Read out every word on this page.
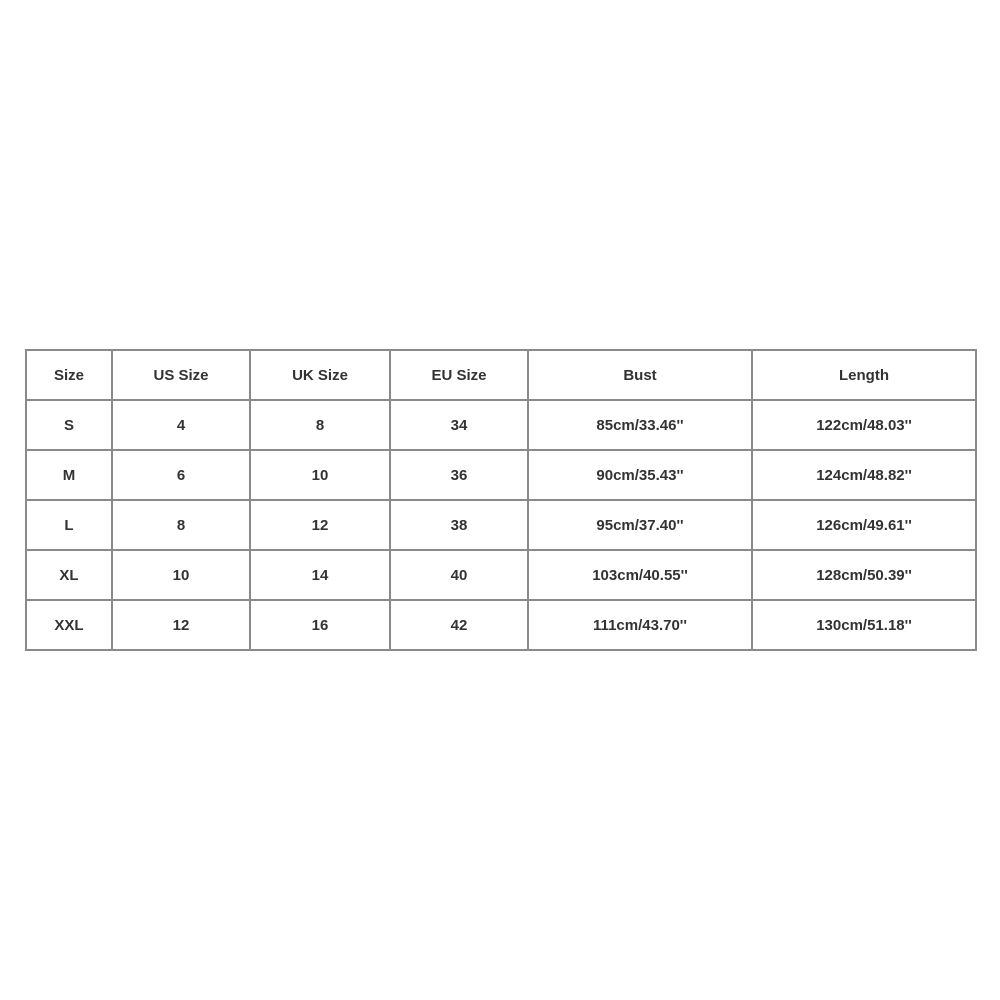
Size	US Size	UK Size	EU Size	Bust	Length
S	4	8	34	85cm/33.46''	122cm/48.03''
M	6	10	36	90cm/35.43''	124cm/48.82''
L	8	12	38	95cm/37.40''	126cm/49.61''
XL	10	14	40	103cm/40.55''	128cm/50.39''
XXL	12	16	42	111cm/43.70''	130cm/51.18''
